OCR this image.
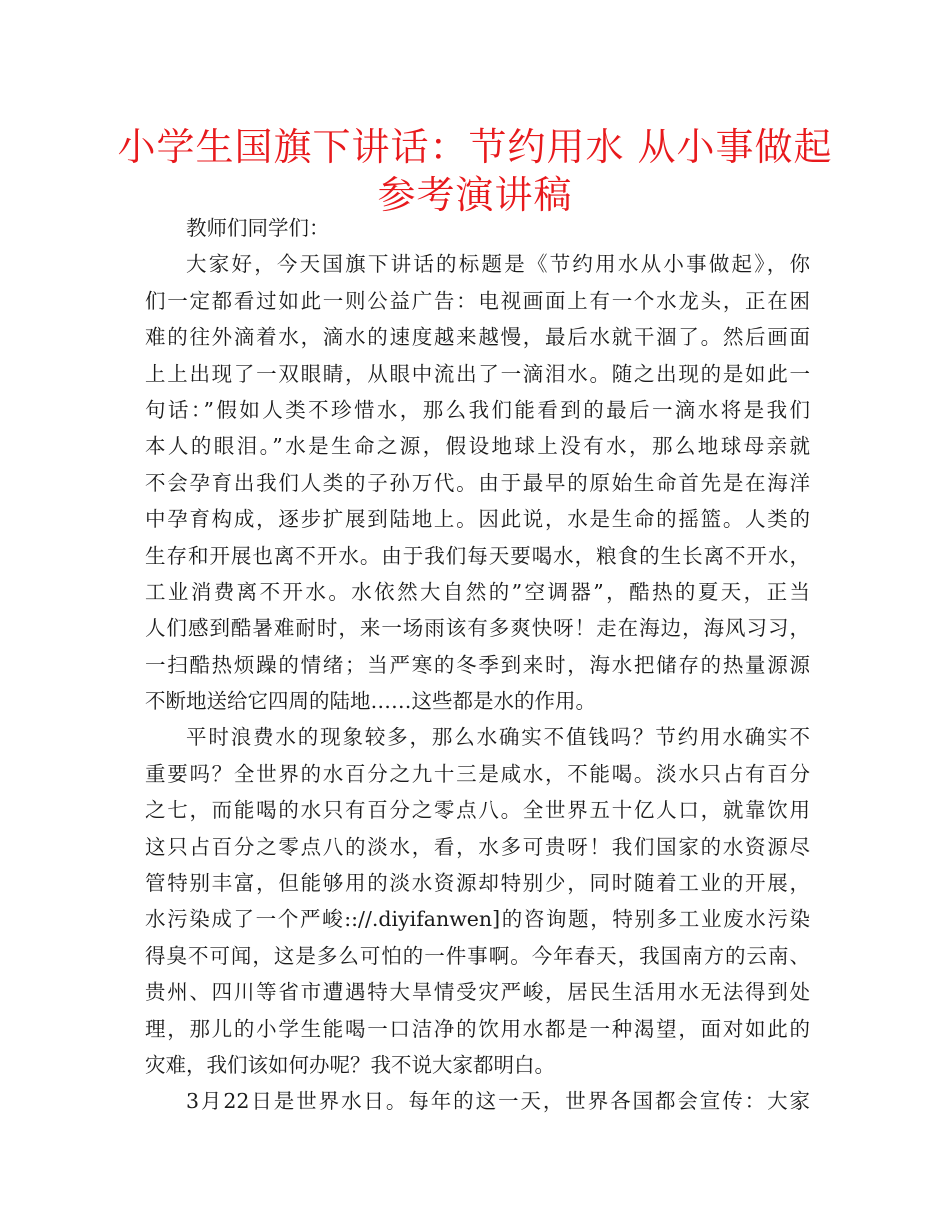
小学生国旗下讲话：节约用水 从小事做起
参考演讲稿
教师们同学们：

大家好，今天国旗下讲话的标题是《节约用水从小事做起》，你
们一定都看过如此一则公益广告：电视画面上有一个水龙头，正在困
难的往外滴着水，滴水的速度越来越慢，最后水就干涸了。然后画面
上上出现了一双眼睛，从眼中流出了一滴泪水。随之出现的是如此一
句话：”假如人类不珍惜水，那么我们能看到的最后一滴水将是我们
本人的眼泪。”水是生命之源，假设地球上没有水，那么地球母亲就
不会孕育出我们人类的子孙万代。由于最早的原始生命首先是在海洋
中孕育构成，逐步扩展到陆地上。因此说，水是生命的摇篮。人类的
生存和开展也离不开水。由于我们每天要喝水，粮食的生长离不开水，
工业消费离不开水。水依然大自然的”空调器”，酷热的夏天，正当
人们感到酷暑难耐时，来一场雨该有多爽快呀！走在海边，海风习习，
一扫酷热烦躁的情绪；当严寒的冬季到来时，海水把储存的热量源源
不断地送给它四周的陆地……这些都是水的作用。

平时浪费水的现象较多，那么水确实不值钱吗？节约用水确实不
重要吗？全世界的水百分之九十三是咸水，不能喝。淡水只占有百分
之七，而能喝的水只有百分之零点八。全世界五十亿人口，就靠饮用
这只占百分之零点八的淡水，看，水多可贵呀！我们国家的水资源尽
管特别丰富，但能够用的淡水资源却特别少，同时随着工业的开展，
水污染成了一个严峻:://.diyifanwen]的咨询题，特别多工业废水污染
得臭不可闻，这是多么可怕的一件事啊。今年春天，我国南方的云南、
贵州、四川等省市遭遇特大旱情受灾严峻，居民生活用水无法得到处
理，那儿的小学生能喝一口洁净的饮用水都是一种渴望，面对如此的
灾难，我们该如何办呢？我不说大家都明白。

3月22日是世界水日。每年的这一天，世界各国都会宣传：大家
